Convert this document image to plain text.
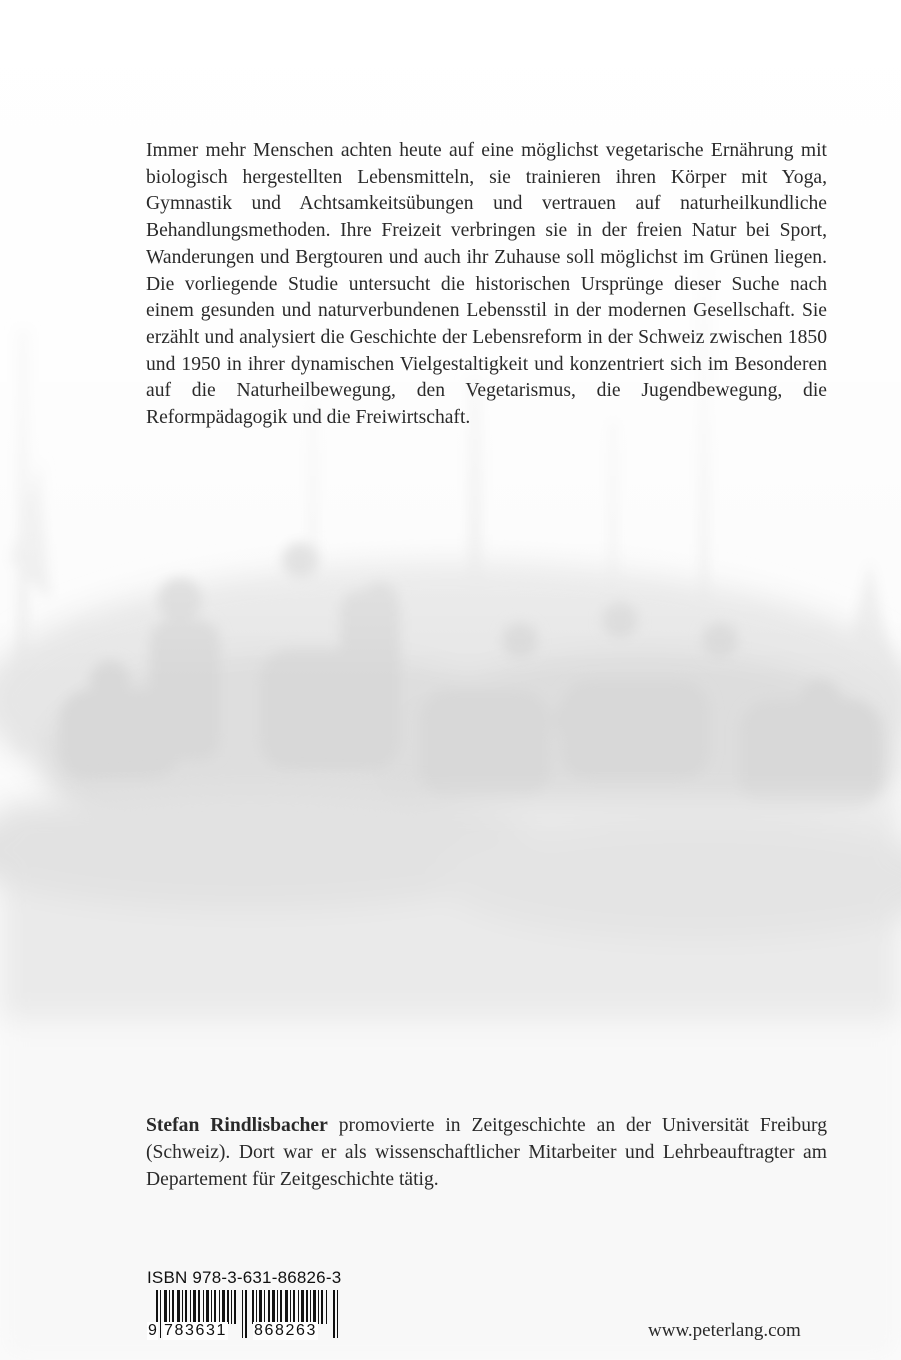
Immer mehr Menschen achten heute auf eine möglichst vegetarische Ernährung mit biologisch hergestellten Lebensmitteln, sie trainieren ihren Körper mit Yoga, Gymnastik und Achtsamkeitsübungen und vertrauen auf naturheilkundliche Behandlungsmethoden. Ihre Freizeit verbringen sie in der freien Natur bei Sport, Wanderungen und Bergtouren und auch ihr Zuhause soll möglichst im Grünen liegen. Die vorliegende Studie untersucht die historischen Ursprünge dieser Suche nach einem gesunden und naturverbundenen Lebensstil in der modernen Gesellschaft. Sie erzählt und analysiert die Geschichte der Lebensreform in der Schweiz zwischen 1850 und 1950 in ihrer dynamischen Vielgestaltigkeit und konzentriert sich im Besonderen auf die Naturheilbewegung, den Vegetarismus, die Jugendbewegung, die Reformpädagogik und die Freiwirtschaft.

Stefan Rindlisbacher promovierte in Zeitgeschichte an der Universität Freiburg (Schweiz). Dort war er als wissenschaftlicher Mitarbeiter und Lehrbeauftragter am Departement für Zeitgeschichte tätig.

ISBN 978-3-631-86826-3
9 783631 868263	www.peterlang.com
